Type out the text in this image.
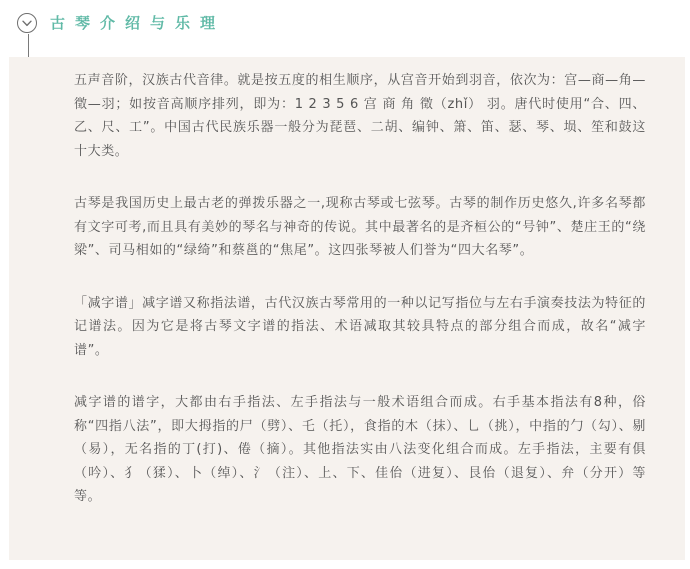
古琴介绍与乐理

五声音阶，汉族古代音律。就是按五度的相生顺序，从宫音开始到羽音，依次为：宫—商—角—徵—羽；如按音高顺序排列，即为：1 2 3 5 6 宫 商 角 徵（zhǐ） 羽。唐代时使用“合、四、乙、尺、工”。中国古代民族乐器一般分为琵琶、二胡、编钟、箫、笛、瑟、琴、埙、笙和鼓这十大类。

古琴是我国历史上最古老的弹拨乐器之一,现称古琴或七弦琴。古琴的制作历史悠久,许多名琴都有文字可考,而且具有美妙的琴名与神奇的传说。其中最著名的是齐桓公的“号钟”、楚庄王的“绕梁”、司马相如的“绿绮”和蔡邕的“焦尾”。这四张琴被人们誉为“四大名琴”。

「减字谱」减字谱又称指法谱，古代汉族古琴常用的一种以记写指位与左右手演奏技法为特征的记谱法。因为它是将古琴文字谱的指法、术语减取其较具特点的部分组合而成，故名“减字谱”。

减字谱的谱字，大都由右手指法、左手指法与一般术语组合而成。右手基本指法有8种，俗称“四指八法”，即大拇指的尸（劈）、乇（托），食指的木（抹）、乚（挑），中指的勹（勾）、剔（易），无名指的丁(打)、倦（摘）。其他指法实由八法变化组合而成。左手指法，主要有俱（吟）、犭（猱）、卜（绰）、氵（注）、上、下、佳佁（进复）、艮佁（退复）、弁（分开）等等。
